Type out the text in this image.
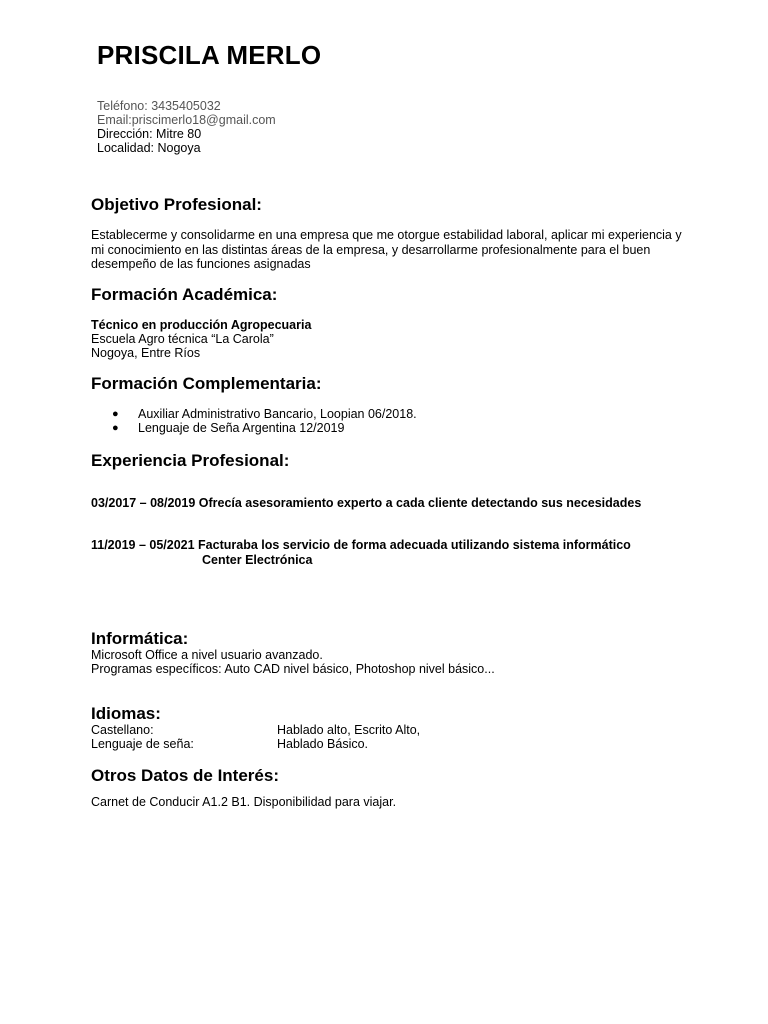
PRISCILA MERLO
Teléfono: 3435405032
Email:priscimerlo18@gmail.com
Dirección: Mitre 80
Localidad: Nogoya
Objetivo Profesional:
Establecerme y consolidarme en una empresa que me otorgue estabilidad laboral, aplicar mi experiencia y mi conocimiento en las distintas áreas de la empresa, y desarrollarme profesionalmente para el buen desempeño de las funciones asignadas
Formación Académica:
Técnico en producción Agropecuaria
Escuela Agro técnica “La Carola”
Nogoya, Entre Ríos
Formación Complementaria:
● Auxiliar Administrativo Bancario, Loopian 06/2018.
● Lenguaje de Seña Argentina 12/2019
Experiencia Profesional:
03/2017 – 08/2019 Ofrecía asesoramiento experto a cada cliente detectando sus necesidades
11/2019 – 05/2021 Facturaba los servicio de forma adecuada utilizando sistema informático
Center Electrónica
Informática:
Microsoft Office a nivel usuario avanzado.
Programas específicos: Auto CAD nivel básico, Photoshop nivel básico...
Idiomas:
Castellano:	Hablado alto, Escrito Alto,
Lenguaje de seña:	Hablado Básico.
Otros Datos de Interés:
Carnet de Conducir A1.2 B1. Disponibilidad para viajar.
